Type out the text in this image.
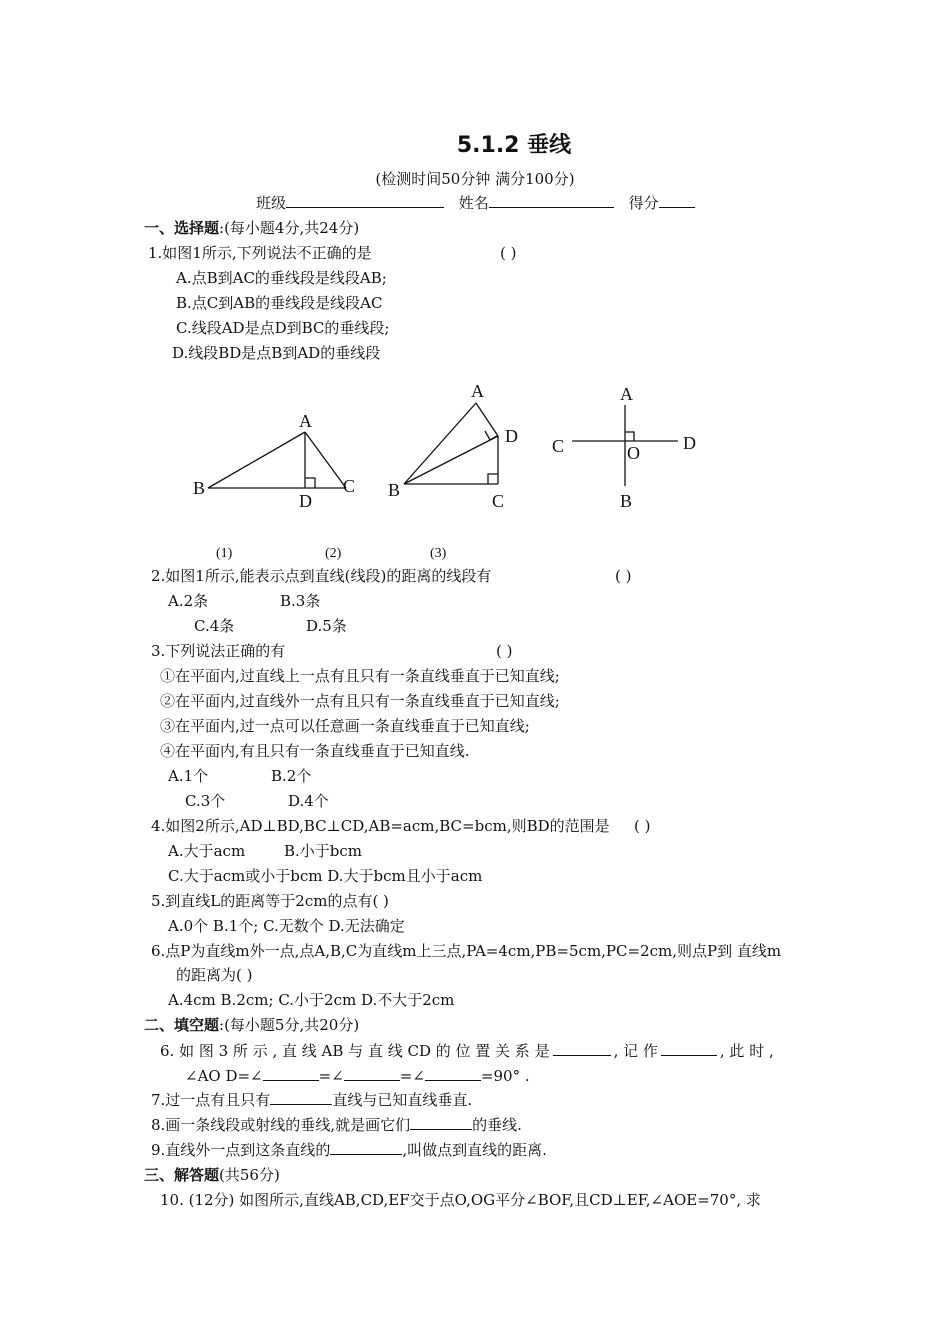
5.1.2 垂线
(检测时间50分钟 满分100分)
班级	姓名	得分
一、选择题:(每小题4分,共24分)
1.如图1所示,下列说法不正确的是	( )
A.点B到AC的垂线段是线段AB;
B.点C到AB的垂线段是线段AC
C.线段AD是点D到BC的垂线段;
D.线段BD是点B到AD的垂线段
A
B	C
D
A
B
C
D
A
B
C	D
O
(1)	(2)	(3)
2.如图1所示,能表示点到直线(线段)的距离的线段有	( )
A.2条	B.3条
C.4条	D.5条
3.下列说法正确的有	( )
①在平面内,过直线上一点有且只有一条直线垂直于已知直线;
②在平面内,过直线外一点有且只有一条直线垂直于已知直线;
③在平面内,过一点可以任意画一条直线垂直于已知直线;
④在平面内,有且只有一条直线垂直于已知直线.
A.1个	B.2个
C.3个	D.4个
4.如图2所示,AD⊥BD,BC⊥CD,AB=acm,BC=bcm,则BD的范围是 ( )
A.大于acm	B.小于bcm
C.大于acm或小于bcm D.大于bcm且小于acm
5.到直线L的距离等于2cm的点有( )
A.0个 B.1个; C.无数个 D.无法确定
6.点P为直线m外一点,点A,B,C为直线m上三点,PA=4cm,PB=5cm,PC=2cm,则点P到 直线m
的距离为( )
A.4cm B.2cm; C.小于2cm D.不大于2cm
二、填空题:(每小题5分,共20分)
6. 如 图 3 所 示 , 直 线 AB 与 直 线 CD 的 位 置 关 系 是	, 记 作	, 此 时 ,
∠AO D=∠	=∠	=∠	=90° .
7.过一点有且只有	直线与已知直线垂直.
8.画一条线段或射线的垂线,就是画它们	的垂线.
9.直线外一点到这条直线的	,叫做点到直线的距离.
三、解答题(共56分)
10. (12分) 如图所示,直线AB,CD,EF交于点O,OG平分∠BOF,且CD⊥EF,∠AOE=70°, 求
